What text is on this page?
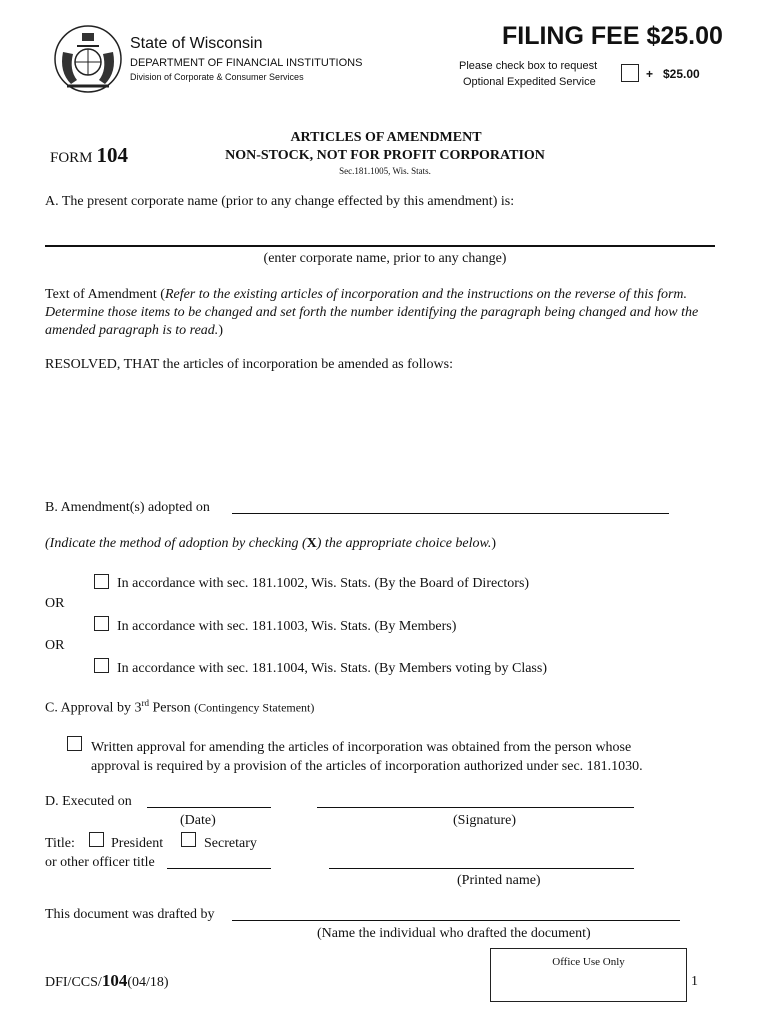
State of Wisconsin
DEPARTMENT OF FINANCIAL INSTITUTIONS
Division of Corporate & Consumer Services
FILING FEE $25.00
Please check box to request
Optional Expedited Service
+   $25.00
FORM 104
ARTICLES OF AMENDMENT
NON-STOCK, NOT FOR PROFIT CORPORATION
Sec.181.1005, Wis. Stats.
A. The present corporate name (prior to any change effected by this amendment) is:
(enter corporate name, prior to any change)
Text of Amendment (Refer to the existing articles of incorporation and the instructions on the reverse of this form. Determine those items to be changed and set forth the number identifying the paragraph being changed and how the amended paragraph is to read.)
RESOLVED, THAT the articles of incorporation be amended as follows:
B. Amendment(s) adopted on
(Indicate the method of adoption by checking (X) the appropriate choice below.)
In accordance with sec. 181.1002, Wis. Stats. (By the Board of Directors)
OR
In accordance with sec. 181.1003, Wis. Stats. (By Members)
OR
In accordance with sec. 181.1004, Wis. Stats. (By Members voting by Class)
C. Approval by 3rd Person (Contingency Statement)
Written approval for amending the articles of incorporation was obtained from the person whose
approval is required by a provision of the articles of incorporation authorized under sec. 181.1030.
D. Executed on
(Date)	(Signature)
Title:	President	Secretary
or other officer title
(Printed name)
This document was drafted by
(Name the individual who drafted the document)
Office Use Only
DFI/CCS/104(04/18)	1
